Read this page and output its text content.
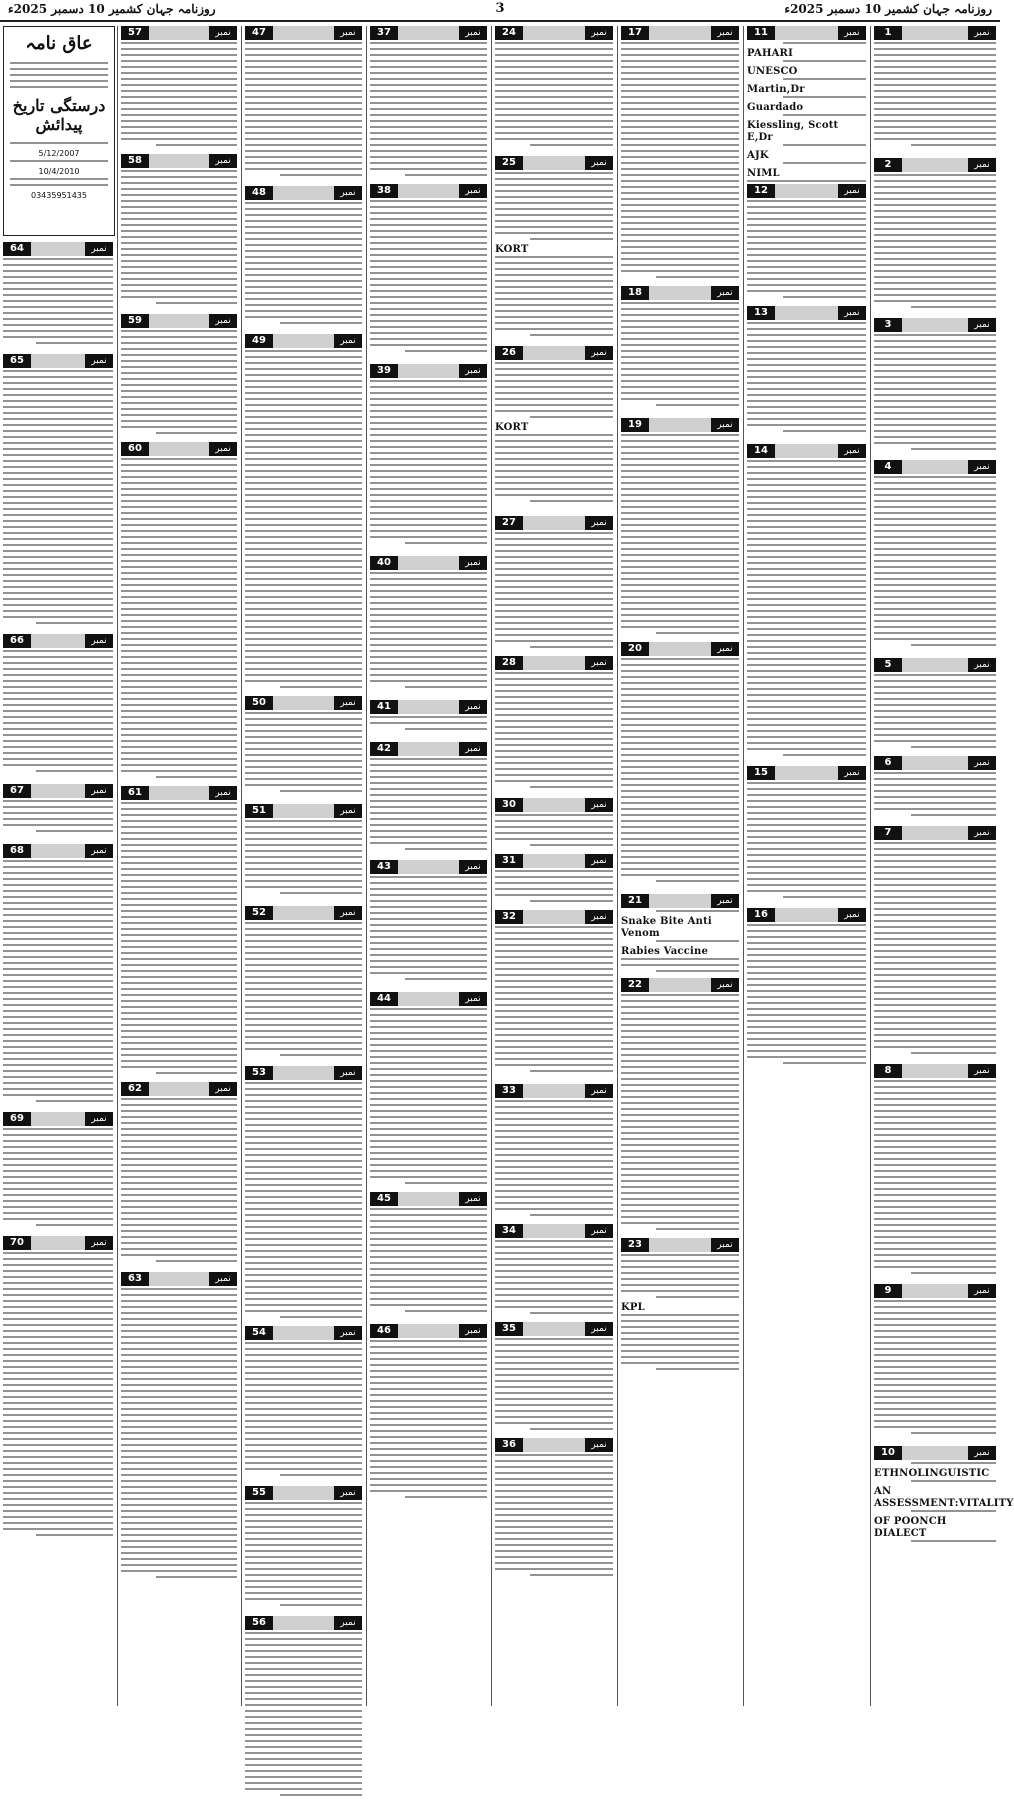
روزنامہ جہان کشمیر 10 دسمبر 2025ء	3	روزنامہ جہان کشمیر 10 دسمبر 2025ء
نمبر
1
نمبر
2
نمبر
3
نمبر
4
نمبر
5
نمبر
6
نمبر
7
نمبر
8
نمبر
9
نمبر
10
ETHNOLINGUISTIC
AN ASSESSMENT:VITALITY
OF POONCH DIALECT
نمبر
11
PAHARI
UNESCO
Martin,Dr
Guardado
Kiessling, Scott E,Dr
AJK
NIML
نمبر
12
نمبر
13
نمبر
14
نمبر
15
نمبر
16
نمبر
17
نمبر
18
نمبر
19
نمبر
20
نمبر
21
Snake Bite Anti Venom
Rabies Vaccine
نمبر
22
نمبر
23
KPL
نمبر
24
نمبر
25
KORT
نمبر
26
KORT
نمبر
27
نمبر
28
نمبر
30
نمبر
31
نمبر
32
نمبر
33
نمبر
34
نمبر
35
نمبر
36
نمبر
37
نمبر
38
نمبر
39
نمبر
40
نمبر
41
نمبر
42
نمبر
43
نمبر
44
نمبر
45
نمبر
46
نمبر
47
نمبر
48
نمبر
49
نمبر
50
نمبر
51
نمبر
52
نمبر
53
نمبر
54
نمبر
55
نمبر
56
نمبر
57
نمبر
58
نمبر
59
نمبر
60
نمبر
61
نمبر
62
نمبر
63
نمبر
64
نمبر
65
نمبر
66
نمبر
67
نمبر
68
نمبر
69
نمبر
70
عاق نامہ
درستگی تاریخ پیدائش
5/12/2007
10/4/2010
03435951435
